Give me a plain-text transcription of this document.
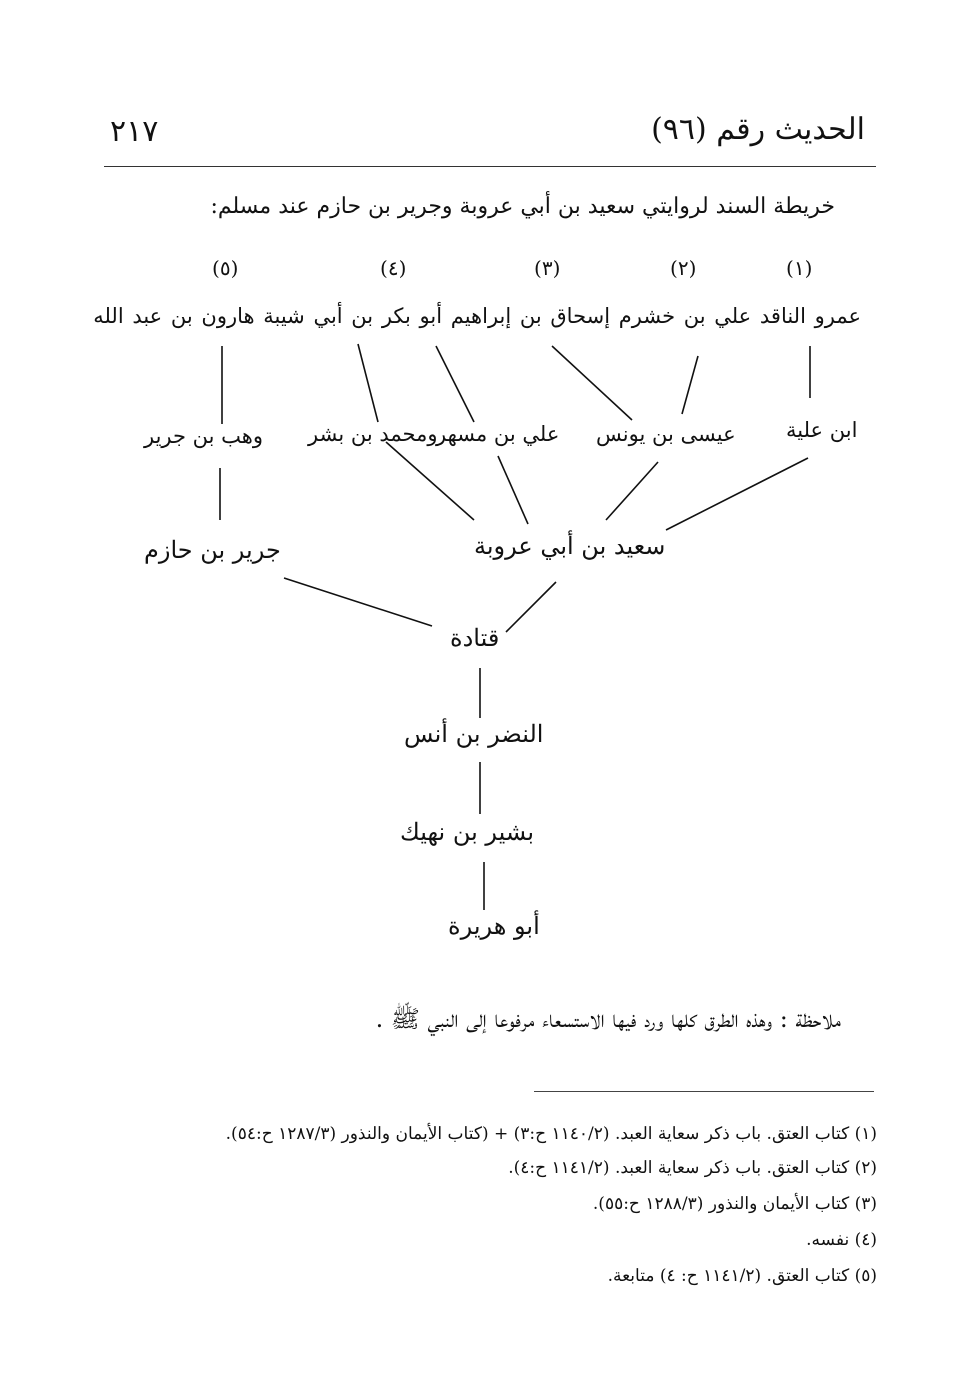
٢١٧	الحديث رقم (٩٦)
خريطة السند لروايتي سعيد بن أبي عروبة وجرير بن حازم عند مسلم:
(١)
(٢)
(٣)
(٤)
(٥)
عمرو الناقد علي بن خشرم إسحاق بن إبراهيم أبو بكر بن أبي شيبة هارون بن عبد الله
ابن علية
عيسى بن يونس
علي بن مسهر
ومحمد بن بشر
وهب بن جرير
سعيد بن أبي عروبة
جرير بن حازم
قتادة
النضر بن أنس
بشير بن نهيك
أبو هريرة
ملاحظة : وهذه الطرق كلها ورد فيها الاستسعاء مرفوعا إلى النبي ﷺ .
(١) كتاب العتق. باب ذكر سعاية العبد. (١١٤٠/٢ ح:٣) + (كتاب الأيمان والنذور (١٢٨٧/٣ ح:٥٤).
(٢) كتاب العتق. باب ذكر سعاية العبد. (١١٤١/٢ ح:٤).
(٣) كتاب الأيمان والنذور (١٢٨٨/٣ ح:٥٥).
(٤) نفسه.
(٥) كتاب العتق. (١١٤١/٢ ح: ٤) متابعة.
